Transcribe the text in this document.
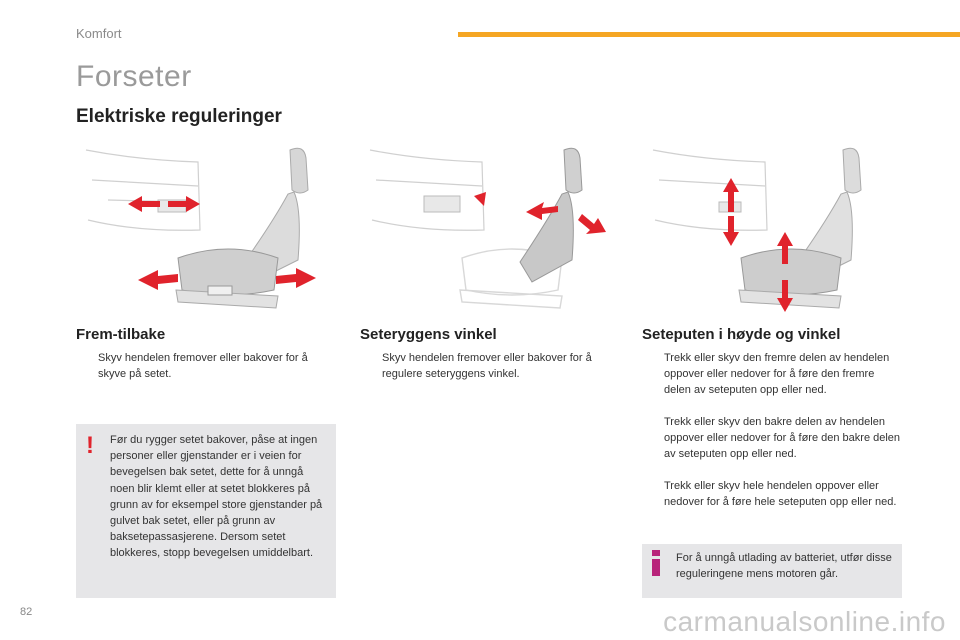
Komfort
Forseter
Elektriske reguleringer
Frem-tilbake
Skyv hendelen fremover eller bakover for å skyve på setet.
Seteryggens vinkel
Skyv hendelen fremover eller bakover for å regulere seteryggens vinkel.
Seteputen i høyde og vinkel
Trekk eller skyv den fremre delen av hendelen oppover eller nedover for å føre den fremre delen av seteputen opp eller ned.
Trekk eller skyv den bakre delen av hendelen oppover eller nedover for å føre den bakre delen av seteputen opp eller ned.
Trekk eller skyv hele hendelen oppover eller nedover for å føre hele seteputen opp eller ned.
! Før du rygger setet bakover, påse at ingen personer eller gjenstander er i veien for bevegelsen bak setet, dette for å unngå noen blir klemt eller at setet blokkeres på grunn av for eksempel store gjenstander på gulvet bak setet, eller på grunn av baksetepassasjerene. Dersom setet blokkeres, stopp bevegelsen umiddelbart.	For å unngå utlading av batteriet, utfør disse reguleringene mens motoren går.
82	carmanualsonline.info
